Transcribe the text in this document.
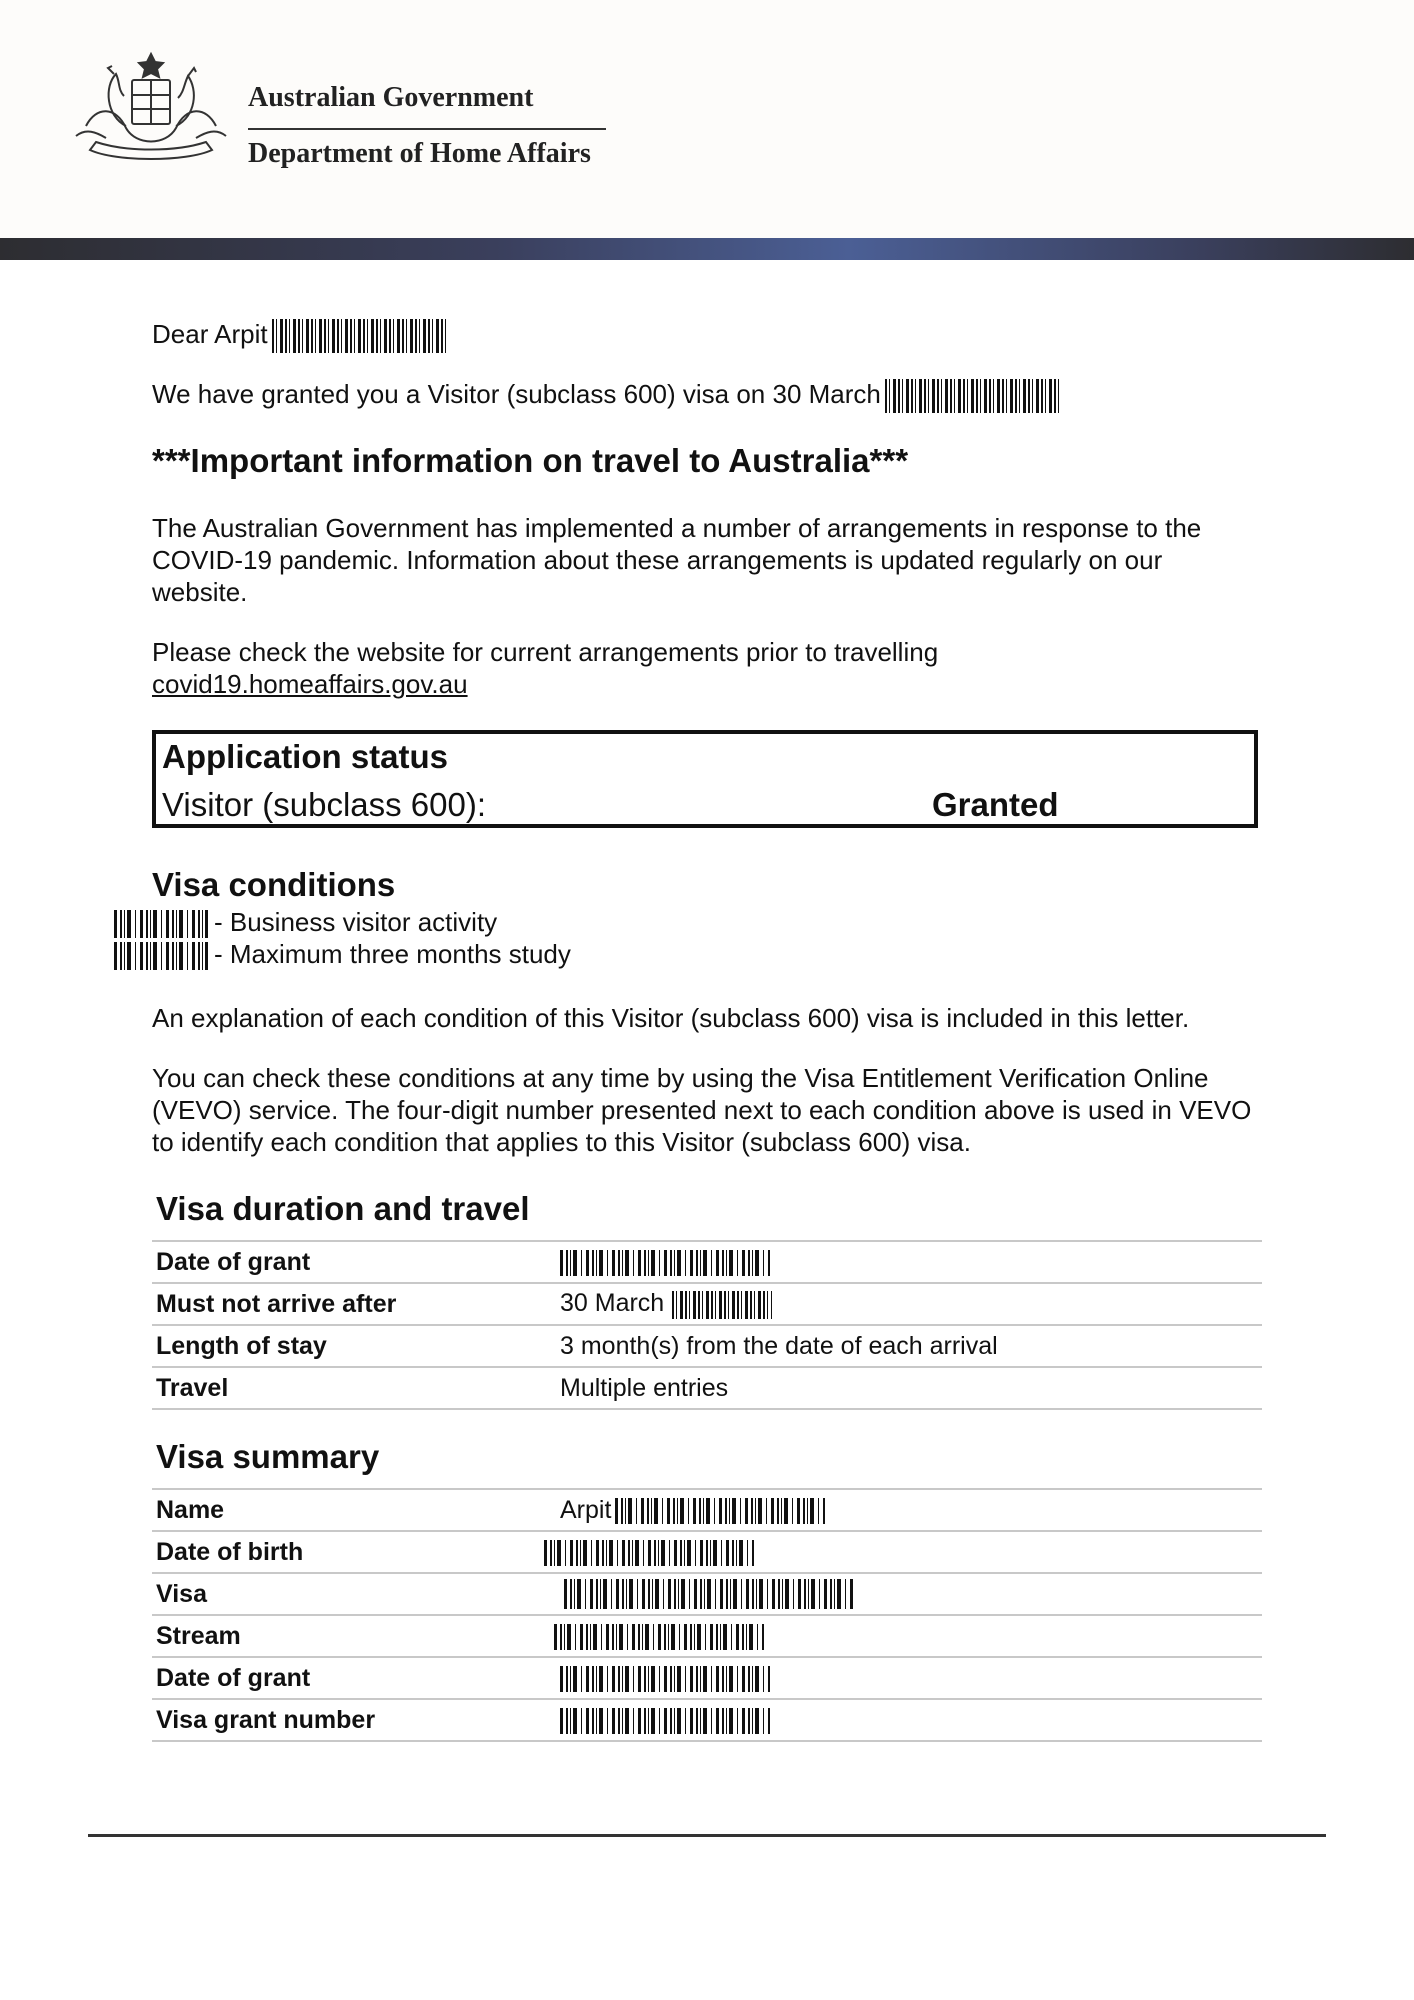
Australian Government
Department of Home Affairs
Dear Arpit
We have granted you a Visitor (subclass 600) visa on 30 March
***Important information on travel to Australia***
The Australian Government has implemented a number of arrangements in response to the COVID-19 pandemic. Information about these arrangements is updated regularly on our website.
Please check the website for current arrangements prior to travelling
covid19.homeaffairs.gov.au
Application status
Visitor (subclass 600):	Granted
Visa conditions
- Business visitor activity
- Maximum three months study
An explanation of each condition of this Visitor (subclass 600) visa is included in this letter.
You can check these conditions at any time by using the Visa Entitlement Verification Online (VEVO) service. The four-digit number presented next to each condition above is used in VEVO to identify each condition that applies to this Visitor (subclass 600) visa.
Visa duration and travel
Date of grant	
Must not arrive after	30 March
Length of stay	3 month(s) from the date of each arrival
Travel	Multiple entries
Visa summary
Name	Arpit
Date of birth	
Visa	
Stream	
Date of grant	
Visa grant number	
